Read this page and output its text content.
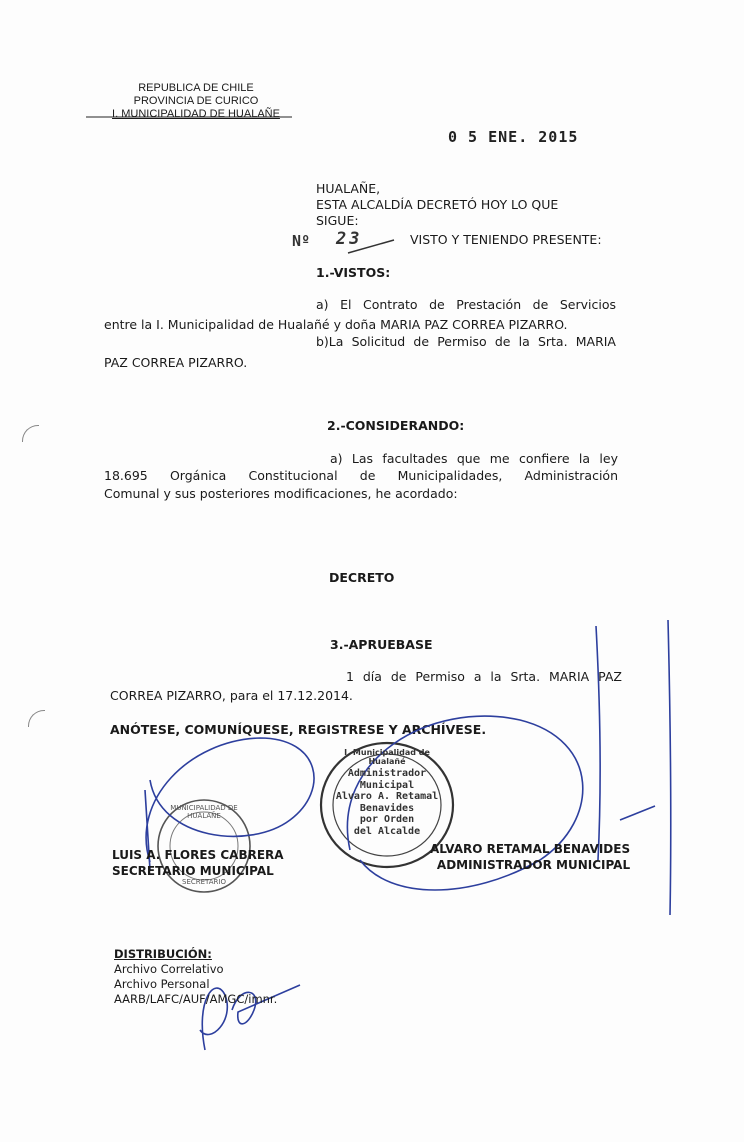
REPUBLICA DE CHILE
PROVINCIA DE CURICO
I. MUNICIPALIDAD DE HUALAÑE
0 5 ENE. 2015
HUALAÑE,
ESTA ALCALDÍA DECRETÓ HOY LO QUE
SIGUE:
Nº 23	VISTO Y TENIENDO PRESENTE:
1.-VISTOS:
a) El Contrato de Prestación de Servicios
entre la I. Municipalidad de Hualañé y doña MARIA PAZ CORREA PIZARRO.
b)La Solicitud de Permiso de la Srta. MARIA
PAZ CORREA PIZARRO.
2.-CONSIDERANDO:
a) Las facultades que me confiere la ley
18.695 Orgánica Constitucional de Municipalidades, Administración
Comunal y sus posteriores modificaciones, he acordado:
DECRETO
3.-APRUEBASE
1 día de Permiso a la Srta. MARIA PAZ
CORREA PIZARRO, para el 17.12.2014.
ANÓTESE, COMUNÍQUESE, REGISTRESE Y ARCHÍVESE.
MUNICIPALIDAD DE HUALAÑE
SECRETARIO
I. Municipalidad de Hualañé
Administrador
Municipal
Alvaro A. Retamal
Benavides
por Orden
del Alcalde
LUIS A. FLORES CABRERA
SECRETARIO MUNICIPAL
ALVARO RETAMAL BENAVIDES
ADMINISTRADOR MUNICIPAL
DISTRIBUCIÓN:
Archivo Correlativo
Archivo Personal
AARB/LAFC/AUF/AMGC/imnr.
